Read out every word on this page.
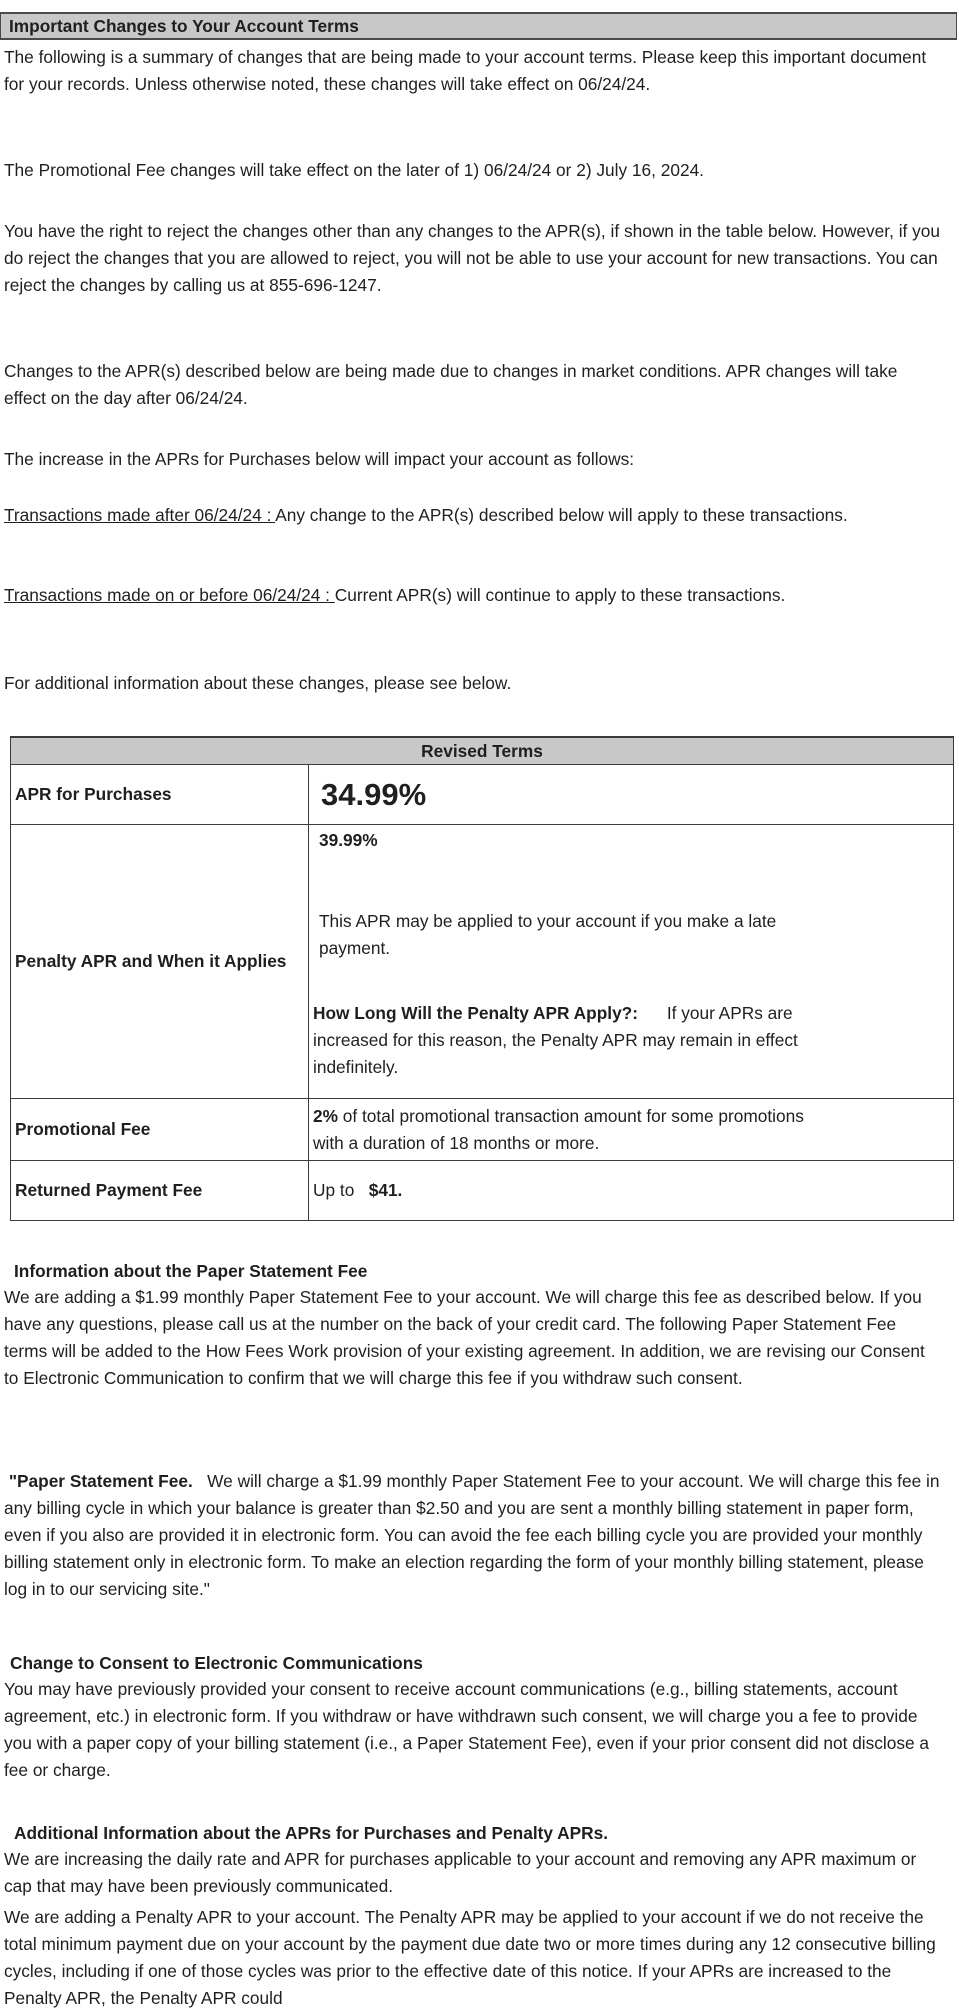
Important Changes to Your Account Terms

The following is a summary of changes that are being made to your account terms. Please keep this important document for your records. Unless otherwise noted, these changes will take effect on 06/24/24.

The Promotional Fee changes will take effect on the later of 1) 06/24/24 or 2) July 16, 2024.

You have the right to reject the changes other than any changes to the APR(s), if shown in the table below. However, if you do reject the changes that you are allowed to reject, you will not be able to use your account for new transactions. You can reject the changes by calling us at 855-696-1247.

Changes to the APR(s) described below are being made due to changes in market conditions. APR changes will take effect on the day after 06/24/24.

The increase in the APRs for Purchases below will impact your account as follows:

Transactions made after 06/24/24 : Any change to the APR(s) described below will apply to these transactions.

Transactions made on or before 06/24/24 : Current APR(s) will continue to apply to these transactions.

For additional information about these changes, please see below.

Revised Terms	
APR for Purchases	34.99%
Penalty APR and When it Applies	39.99%
This APR may be applied to your account if you make a late payment.
How Long Will the Penalty APR Apply?: If your APRs are increased for this reason, the Penalty APR may remain in effect indefinitely.

Promotional Fee	2% of total promotional transaction amount for some promotions with a duration of 18 months or more.

Returned Payment Fee	Up to   $41.

Information about the Paper Statement Fee

We are adding a $1.99 monthly Paper Statement Fee to your account. We will charge this fee as described below. If you have any questions, please call us at the number on the back of your credit card. The following Paper Statement Fee terms will be added to the How Fees Work provision of your existing agreement. In addition, we are revising our Consent to Electronic Communication to confirm that we will charge this fee if you withdraw such consent.

"Paper Statement Fee. We will charge a $1.99 monthly Paper Statement Fee to your account. We will charge this fee in any billing cycle in which your balance is greater than $2.50 and you are sent a monthly billing statement in paper form, even if you also are provided it in electronic form. You can avoid the fee each billing cycle you are provided your monthly billing statement only in electronic form. To make an election regarding the form of your monthly billing statement, please log in to our servicing site."

Change to Consent to Electronic Communications

You may have previously provided your consent to receive account communications (e.g., billing statements, account agreement, etc.) in electronic form. If you withdraw or have withdrawn such consent, we will charge you a fee to provide you with a paper copy of your billing statement (i.e., a Paper Statement Fee), even if your prior consent did not disclose a fee or charge.

Additional Information about the APRs for Purchases and Penalty APRs.

We are increasing the daily rate and APR for purchases applicable to your account and removing any APR maximum or cap that may have been previously communicated.

We are adding a Penalty APR to your account. The Penalty APR may be applied to your account if we do not receive the total minimum payment due on your account by the payment due date two or more times during any 12 consecutive billing cycles, including if one of those cycles was prior to the effective date of this notice. If your APRs are increased to the Penalty APR, the Penalty APR could
